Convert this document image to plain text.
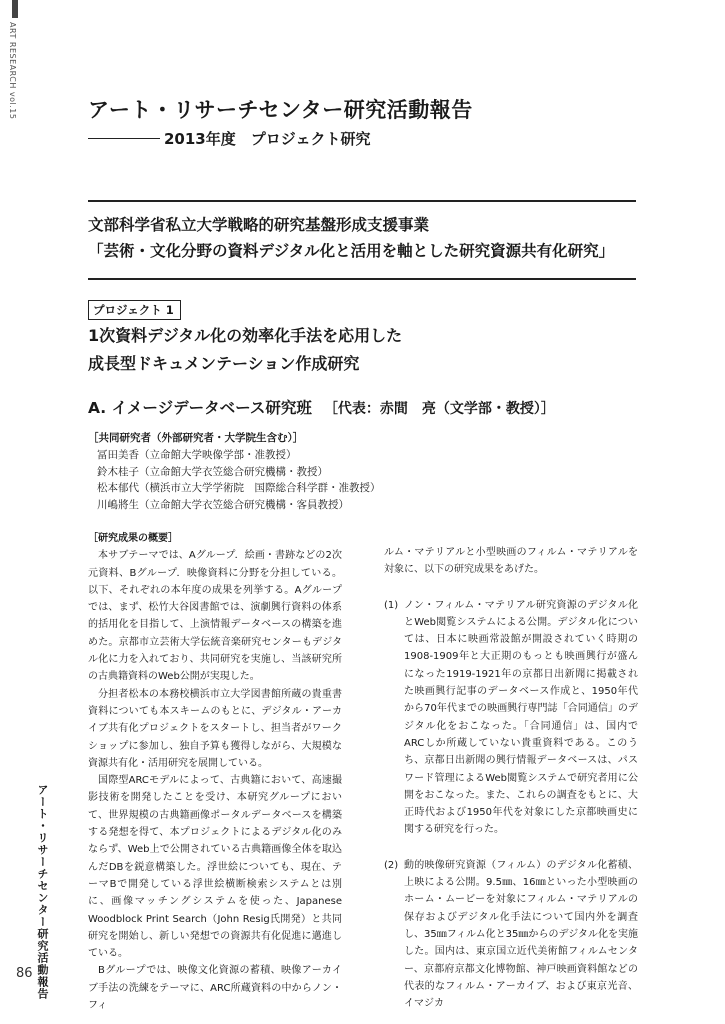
ART RESEARCH vol.15	アート・リサーチセンター研究活動報告
2013年度　プロジェクト研究
文部科学省私立大学戦略的研究基盤形成支援事業
「芸術・文化分野の資料デジタル化と活用を軸とした研究資源共有化研究」
プロジェクト 1
1次資料デジタル化の効率化手法を応用した
成長型ドキュメンテーション作成研究
A. イメージデータベース研究班 ［代表：赤間　亮（文学部・教授）］
［共同研究者（外部研究者・大学院生含む）］
冨田美香（立命館大学映像学部・准教授）
鈴木桂子（立命館大学衣笠総合研究機構・教授）
松本郁代（横浜市立大学学術院　国際総合科学群・准教授）
川嶋將生（立命館大学衣笠総合研究機構・客員教授）
［研究成果の概要］
本サブテーマでは、Aグループ．絵画・書跡などの2次元資料、Bグループ．映像資料に分野を分担している。以下、それぞれの本年度の成果を列挙する。Aグループでは、まず、松竹大谷図書館では、演劇興行資料の体系的括用化を目指して、上演情報データベースの構築を進めた。京都市立芸術大学伝統音楽研究センターもデジタル化に力を入れており、共同研究を実施し、当該研究所の古典籍資料のWeb公開が実現した。
分担者松本の本務校横浜市立大学図書館所蔵の貴重書資料についても本スキームのもとに、デジタル・アーカイブ共有化プロジェクトをスタートし、担当者がワークショップに参加し、独自予算も獲得しながら、大規模な資源共有化・活用研究を展開している。
国際型ARCモデルによって、古典籍において、高速撮影技術を開発したことを受け、本研究グループにおいて、世界規模の古典籍画像ポータルデータベースを構築する発想を得て、本プロジェクトによるデジタル化のみならず、Web上で公開されている古典籍画像全体を取込んだDBを鋭意構築した。浮世絵についても、現在、テーマBで開発している浮世絵横断検索システムとは別に、画像マッチングシステムを使った、Japanese Woodblock Print Search（John Resig氏開発）と共同研究を開始し、新しい発想での資源共有化促進に邁進している。
Bグループでは、映像文化資源の蓄積、映像アーカイブ手法の洗練をテーマに、ARC所蔵資料の中からノン・フィ
ルム・マテリアルと小型映画のフィルム・マテリアルを対象に、以下の研究成果をあげた。
(1) ノン・フィルム・マテリアル研究資源のデジタル化とWeb閲覧システムによる公開。デジタル化については、日本に映画常設館が開設されていく時期の1908-1909年と大正期のもっとも映画興行が盛んになった1919-1921年の京都日出新聞に掲載された映画興行記事のデータベース作成と、1950年代から70年代までの映画興行専門誌「合同通信」のデジタル化をおこなった。「合同通信」は、国内でARCしか所蔵していない貴重資料である。このうち、京都日出新聞の興行情報データベースは、パスワード管理によるWeb閲覧システムで研究者用に公開をおこなった。また、これらの調査をもとに、大正時代および1950年代を対象にした京都映画史に関する研究を行った。
(2) 動的映像研究資源（フィルム）のデジタル化蓄積、上映による公開。9.5㎜、16㎜といった小型映画のホーム・ムービーを対象にフィルム・マテリアルの保存およびデジタル化手法について国内外を調査し、35㎜フィルム化と35㎜からのデジタル化を実施した。国内は、東京国立近代美術館フィルムセンター、京都府京都文化博物館、神戸映画資料館などの代表的なフィルム・アーカイブ、および東京光音、イマジカ
アート・リサーチセンター研究活動報告
86
